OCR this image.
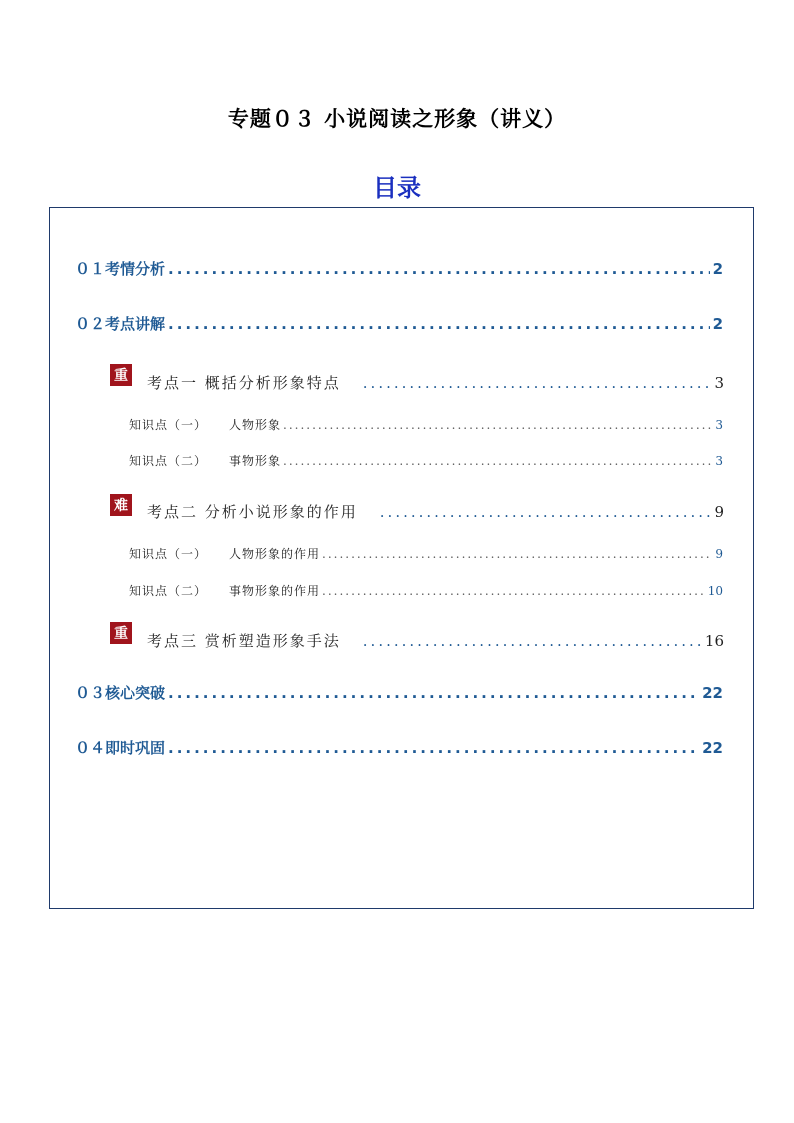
专题０３ 小说阅读之形象（讲义）
目录
０１考情分析 .....	2
０２考点讲解 .....	2
重 考点一 概括分析形象特点 .....	3
知识点（一） 人物形象 .....	3
知识点（二） 事物形象 .....	3
难 考点二 分析小说形象的作用 .....	9
知识点（一） 人物形象的作用 .....	9
知识点（二） 事物形象的作用 .....	10
重 考点三 赏析塑造形象手法 .....	16
０３核心突破 .....	22
０４即时巩固 .....	22
